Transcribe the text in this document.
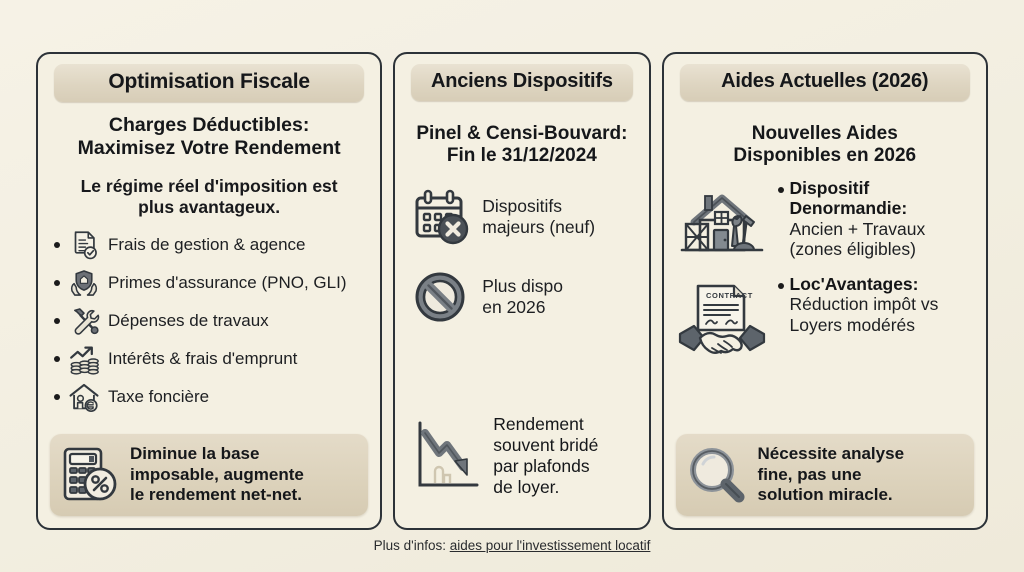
Optimisation Fiscale
Charges Déductibles:
Maximisez Votre Rendement
Le régime réel d'imposition est
plus avantageux.
Frais de gestion & agence
Primes d'assurance (PNO, GLI)
Dépenses de travaux
Intérêts & frais d'emprunt
Taxe foncière
Diminue la base
imposable, augmente
le rendement net-net.
Anciens Dispositifs
Pinel & Censi-Bouvard:
Fin le 31/12/2024
Dispositifs
majeurs (neuf)
Plus dispo
en 2026
Rendement
souvent bridé
par plafonds
de loyer.
Aides Actuelles (2026)
Nouvelles Aides
Disponibles en 2026
Dispositif
Denormandie:
Ancien + Travaux
(zones éligibles)
CONTRACT
Loc'Avantages:
Réduction impôt vs
Loyers modérés
Nécessite analyse
fine, pas une
solution miracle.
Plus d'infos: aides pour l'investissement locatif
